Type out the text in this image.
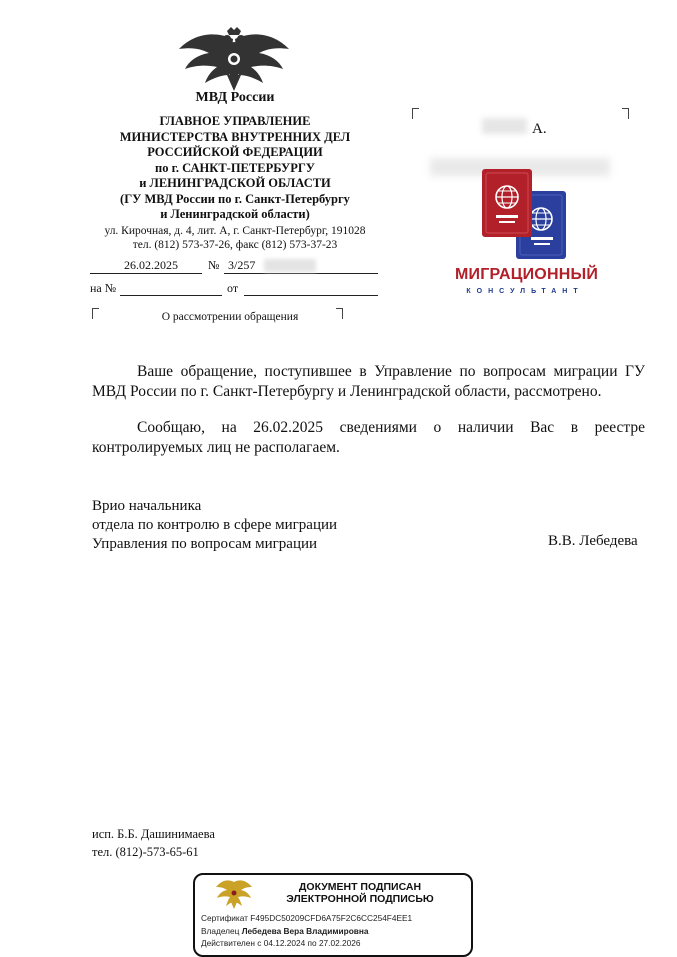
МВД России
ГЛАВНОЕ УПРАВЛЕНИЕ
МИНИСТЕРСТВА ВНУТРЕННИХ ДЕЛ
РОССИЙСКОЙ ФЕДЕРАЦИИ
по г. САНКТ-ПЕТЕРБУРГУ
и ЛЕНИНГРАДСКОЙ ОБЛАСТИ
(ГУ МВД России по г. Санкт-Петербургу
и Ленинградской области)
ул. Кирочная, д. 4, лит. А, г. Санкт-Петербург, 191028
тел. (812) 573-37-26, факс (812) 573-37-23
26.02.2025	№ 3/257
на №	от
О рассмотрении обращения
А.
МИГРАЦИОННЫЙ
КОНСУЛЬТАНТ
Ваше обращение, поступившее в Управление по вопросам миграции ГУ МВД России по г. Санкт-Петербургу и Ленинградской области, рассмотрено.
Сообщаю, на 26.02.2025 сведениями о наличии Вас в реестре контролируемых лиц не располагаем.
Врио начальника
отдела по контролю в сфере миграции
Управления по вопросам миграции	В.В. Лебедева
исп. Б.Б. Дашинимаева
тел. (812)-573-65-61
ДОКУМЕНТ ПОДПИСАН
ЭЛЕКТРОННОЙ ПОДПИСЬЮ
Сертификат F495DC50209CFD6A75F2C6CC254F4EE1
Владелец Лебедева Вера Владимировна
Действителен с 04.12.2024 по 27.02.2026
